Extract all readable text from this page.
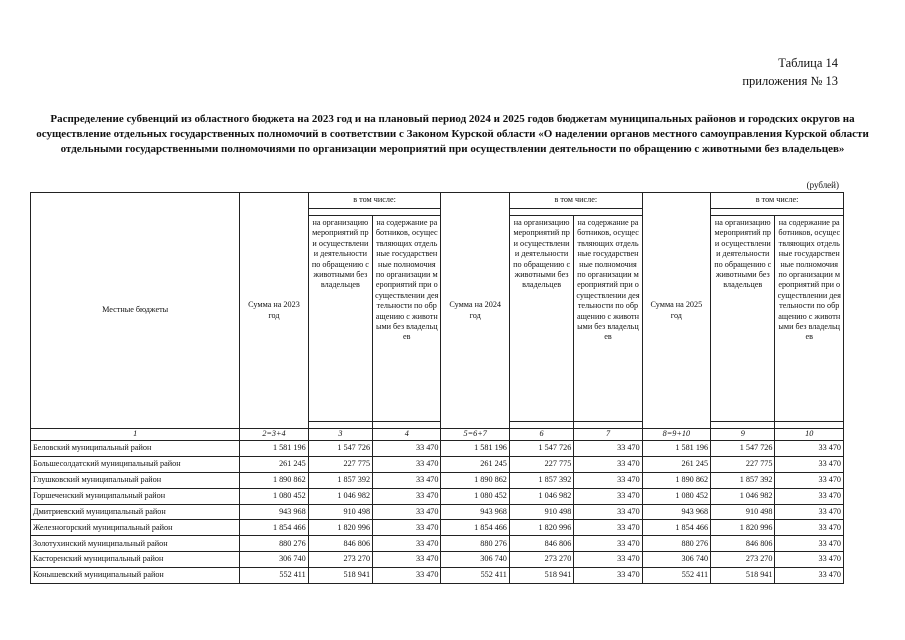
Таблица 14
приложения № 13
Распределение субвенций из областного бюджета на 2023 год и на плановый период 2024 и 2025 годов бюджетам муниципальных районов и городских округов на осуществление отдельных государственных полномочий в соответствии с Законом Курской области «О наделении органов местного самоуправления Курской области отдельными государственными полномочиями по организации мероприятий при осуществлении деятельности по обращению с животными без владельцев»
(рублей)
Местные бюджеты	Сумма на 2023 год	в том числе:		Сумма на 2024 год	в том числе:		Сумма на 2025 год	в том числе:	

		на организацию мероприятий при осуществлении деятельности по обращению с животными без владельцев	на содержание работников, осуществляющих отдельные государственные полномочия по организации мероприятий при осуществлении деятельности по обращению с животными без владельцев		на организацию мероприятий при осуществлении деятельности по обращению с животными без владельцев	на содержание работников, осуществляющих отдельные государственные полномочия по организации мероприятий при осуществлении деятельности по обращению с животными без владельцев		на организацию мероприятий при осуществлении деятельности по обращению с животными без владельцев	на содержание работников, осуществляющих отдельные государственные полномочия по организации мероприятий при осуществлении деятельности по обращению с животными без владельцев

1	2=3+4	3	4	5=6+7	6	7	8=9+10	9	10
Беловский муниципальный район	1 581 196	1 547 726	33 470	1 581 196	1 547 726	33 470	1 581 196	1 547 726	33 470
Большесолдатский муниципальный район	261 245	227 775	33 470	261 245	227 775	33 470	261 245	227 775	33 470
Глушковский муниципальный район	1 890 862	1 857 392	33 470	1 890 862	1 857 392	33 470	1 890 862	1 857 392	33 470
Горшеченский муниципальный район	1 080 452	1 046 982	33 470	1 080 452	1 046 982	33 470	1 080 452	1 046 982	33 470
Дмитриевский муниципальный район	943 968	910 498	33 470	943 968	910 498	33 470	943 968	910 498	33 470
Железногорский муниципальный район	1 854 466	1 820 996	33 470	1 854 466	1 820 996	33 470	1 854 466	1 820 996	33 470
Золотухинский муниципальный район	880 276	846 806	33 470	880 276	846 806	33 470	880 276	846 806	33 470
Касторенский муниципальный район	306 740	273 270	33 470	306 740	273 270	33 470	306 740	273 270	33 470
Конышевский муниципальный район	552 411	518 941	33 470	552 411	518 941	33 470	552 411	518 941	33 470
